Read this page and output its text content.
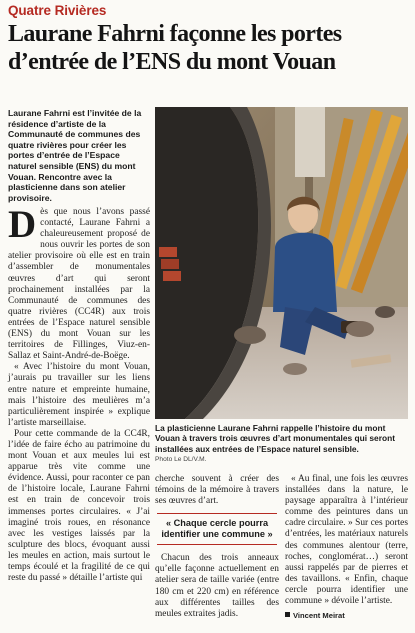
Quatre Rivières
Laurane Fahrni façonne les portes d’entrée de l’ENS du mont Vouan
Laurane Fahrni est l’invitée de la résidence d’artiste de la Communauté de communes des quatre rivières pour créer les portes d’entrée de l’Espace naturel sensible (ENS) du mont Vouan. Rencontre avec la plasticienne dans son atelier provisoire.
La plasticienne Laurane Fahrni rappelle l’histoire du mont Vouan à travers trois œuvres d’art monumentales qui seront installées aux entrées de l’Espace naturel sensible.
Photo Le DL/V.M.
D ès que nous l’avons passé contacté, Laurane Fahrni a chaleureusement proposé de nous ouvrir les portes de son atelier provisoire où elle est en train d’assembler de monumentales œuvres d’art qui seront prochainement installées par la Communauté de communes des quatre rivières (CC4R) aux trois entrées de l’Espace naturel sensible (ENS) du mont Vouan sur les territoires de Fillinges, Viuz-en-Sallaz et Saint-André-de-Boëge.

« Avec l’histoire du mont Vouan, j’aurais pu travailler sur les liens entre nature et empreinte humaine, mais l’histoire des meulières m’a particulièrement inspirée » explique l’artiste marseillaise.

Pour cette commande de la CC4R, l’idée de faire écho au patrimoine du mont Vouan et aux meules lui est apparue très vite comme une évidence. Aussi, pour raconter ce pan de l’histoire locale, Laurane Fahrni est en train de concevoir trois immenses portes circulaires. « J’ai imaginé trois roues, en résonance avec les vestiges laissés par la sculpture des blocs, évoquant aussi les meules en action, mais surtout le temps écoulé et la fragilité de ce qui reste du passé » détaille l’artiste qui

cherche souvent à créer des témoins de la mémoire à travers ses œuvres d’art.

« Chaque cercle pourra identifier une commune »

Chacun des trois anneaux qu’elle façonne actuellement en atelier sera de taille variée (entre 180 cm et 220 cm) en référence aux différentes tailles des meules extraites jadis.

« Au final, une fois les œuvres installées dans la nature, le paysage apparaîtra à l’intérieur comme des peintures dans un cadre circulaire. » Sur ces portes d’entrées, les matériaux naturels des communes alentour (terre, roches, conglomérat…) seront aussi rappelés par de pierres et des tavaillons. « Enfin, chaque cercle pourra identifier une commune » dévoile l’artiste.

Vincent Meirat
